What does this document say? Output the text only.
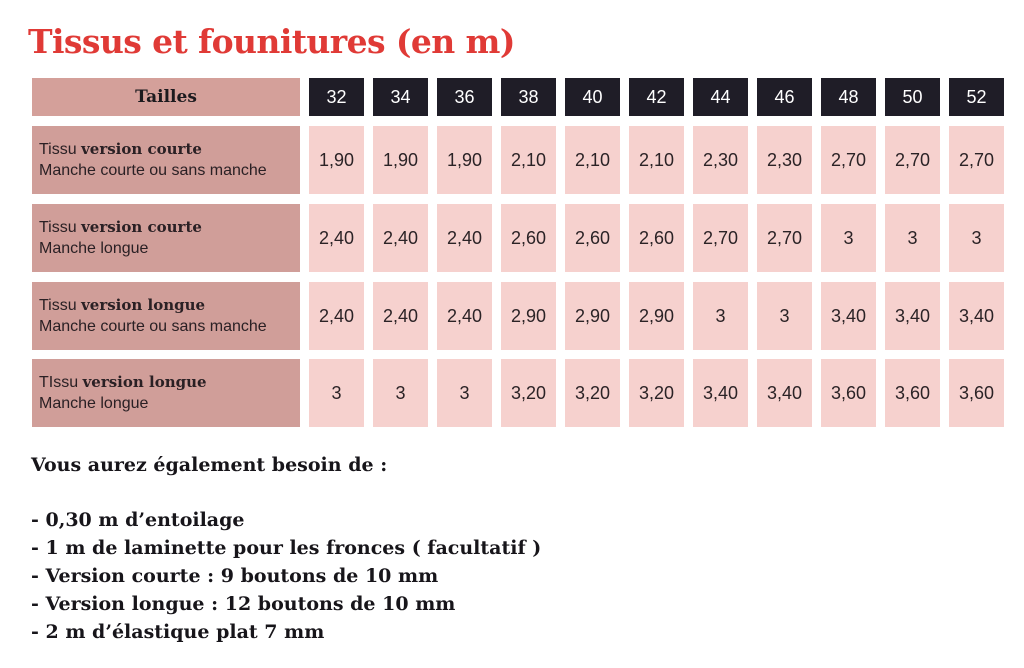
Tissus et founitures (en m)
Tailles	32	34	36	38	40	42	44	46	48	50	52
Tissu version courte
Manche courte ou sans manche
1,90	1,90	1,90	2,10	2,10	2,10	2,30	2,30	2,70	2,70	2,70
Tissu version courte
Manche longue
2,40	2,40	2,40	2,60	2,60	2,60	2,70	2,70	3	3	3
Tissu version longue
Manche courte ou sans manche
2,40	2,40	2,40	2,90	2,90	2,90	3	3	3,40	3,40	3,40
TIssu version longue
Manche longue
3	3	3	3,20	3,20	3,20	3,40	3,40	3,60	3,60	3,60
Vous aurez également besoin de :
- 0,30 m d’entoilage
- 1 m de laminette pour les fronces ( facultatif )
- Version courte : 9 boutons de 10 mm
- Version longue : 12 boutons de 10 mm
- 2 m d’élastique plat 7 mm
